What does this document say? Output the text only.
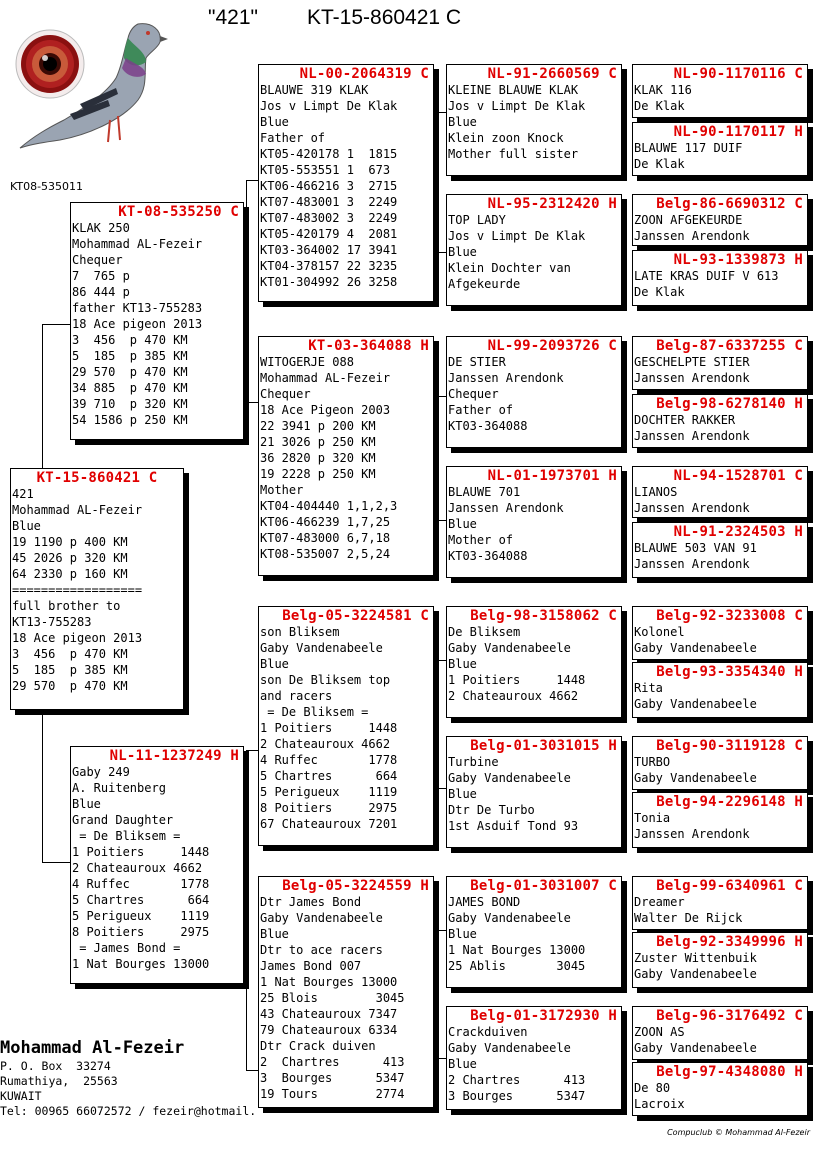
"421" KT-15-860421 C
KT08-535011
KT-08-535250 C
KLAK 250
Mohammad AL-Fezeir
Chequer
7  765 p
86 444 p
father KT13-755283
18 Ace pigeon 2013
3  456  p 470 KM
5  185  p 385 KM
29 570  p 470 KM
34 885  p 470 KM
39 710  p 320 KM
54 1586 p 250 KM
KT-15-860421 C
421
Mohammad AL-Fezeir
Blue
19 1190 p 400 KM
45 2026 p 320 KM
64 2330 p 160 KM
==================
full brother to
KT13-755283
18 Ace pigeon 2013
3  456  p 470 KM
5  185  p 385 KM
29 570  p 470 KM
NL-11-1237249 H
Gaby 249
A. Ruitenberg
Blue
Grand Daughter
= De Bliksem =
1 Poitiers     1448
2 Chateauroux 4662
4 Ruffec       1778
5 Chartres      664
5 Perigueux    1119
8 Poitiers     2975
= James Bond =
1 Nat Bourges 13000
NL-00-2064319 C
BLAUWE 319 KLAK
Jos v Limpt De Klak
Blue
Father of
KT05-420178 1  1815
KT05-553551 1  673
KT06-466216 3  2715
KT07-483001 3  2249
KT07-483002 3  2249
KT05-420179 4  2081
KT03-364002 17 3941
KT04-378157 22 3235
KT01-304992 26 3258
KT-03-364088 H
WITOGERJE 088
Mohammad AL-Fezeir
Chequer
18 Ace Pigeon 2003
22 3941 p 200 KM
21 3026 p 250 KM
36 2820 p 320 KM
19 2228 p 250 KM
Mother
KT04-404440 1,1,2,3
KT06-466239 1,7,25
KT07-483000 6,7,18
KT08-535007 2,5,24
Belg-05-3224581 C
son Bliksem
Gaby Vandenabeele
Blue
son De Bliksem top
and racers
= De Bliksem =
1 Poitiers     1448
2 Chateauroux 4662
4 Ruffec       1778
5 Chartres      664
5 Perigueux    1119
8 Poitiers     2975
67 Chateauroux 7201
Belg-05-3224559 H
Dtr James Bond
Gaby Vandenabeele
Blue
Dtr to ace racers
James Bond 007
1 Nat Bourges 13000
25 Blois        3045
43 Chateauroux 7347
79 Chateauroux 6334
Dtr Crack duiven
2  Chartres      413
3  Bourges      5347
19 Tours        2774
NL-91-2660569 C
KLEINE BLAUWE KLAK
Jos v Limpt De Klak
Blue
Klein zoon Knock
Mother full sister
NL-95-2312420 H
TOP LADY
Jos v Limpt De Klak
Blue
Klein Dochter van
Afgekeurde
NL-99-2093726 C
DE STIER
Janssen Arendonk
Chequer
Father of
KT03-364088
NL-01-1973701 H
BLAUWE 701
Janssen Arendonk
Blue
Mother of
KT03-364088
Belg-98-3158062 C
De Bliksem
Gaby Vandenabeele
Blue
1 Poitiers     1448
2 Chateauroux 4662
Belg-01-3031015 H
Turbine
Gaby Vandenabeele
Blue
Dtr De Turbo
1st Asduif Tond 93
Belg-01-3031007 C
JAMES BOND
Gaby Vandenabeele
Blue
1 Nat Bourges 13000
25 Ablis       3045
Belg-01-3172930 H
Crackduiven
Gaby Vandenabeele
Blue
2 Chartres      413
3 Bourges      5347
NL-90-1170116 C
KLAK 116
De Klak
NL-90-1170117 H
BLAUWE 117 DUIF
De Klak
Belg-86-6690312 C
ZOON AFGEKEURDE
Janssen Arendonk
NL-93-1339873 H
LATE KRAS DUIF V 613
De Klak
Belg-87-6337255 C
GESCHELPTE STIER
Janssen Arendonk
Belg-98-6278140 H
DOCHTER RAKKER
Janssen Arendonk
NL-94-1528701 C
LIANOS
Janssen Arendonk
NL-91-2324503 H
BLAUWE 503 VAN 91
Janssen Arendonk
Belg-92-3233008 C
Kolonel
Gaby Vandenabeele
Belg-93-3354340 H
Rita
Gaby Vandenabeele
Belg-90-3119128 C
TURBO
Gaby Vandenabeele
Belg-94-2296148 H
Tonia
Janssen Arendonk
Belg-99-6340961 C
Dreamer
Walter De Rijck
Belg-92-3349996 H
Zuster Wittenbuik
Gaby Vandenabeele
Belg-96-3176492 C
ZOON AS
Gaby Vandenabeele
Belg-97-4348080 H
De 80
Lacroix
Mohammad Al-Fezeir
P. O. Box  33274
Rumathiya,  25563
KUWAIT
Tel: 00965 66072572 / fezeir@hotmail.
Compuclub © Mohammad Al-Fezeir
